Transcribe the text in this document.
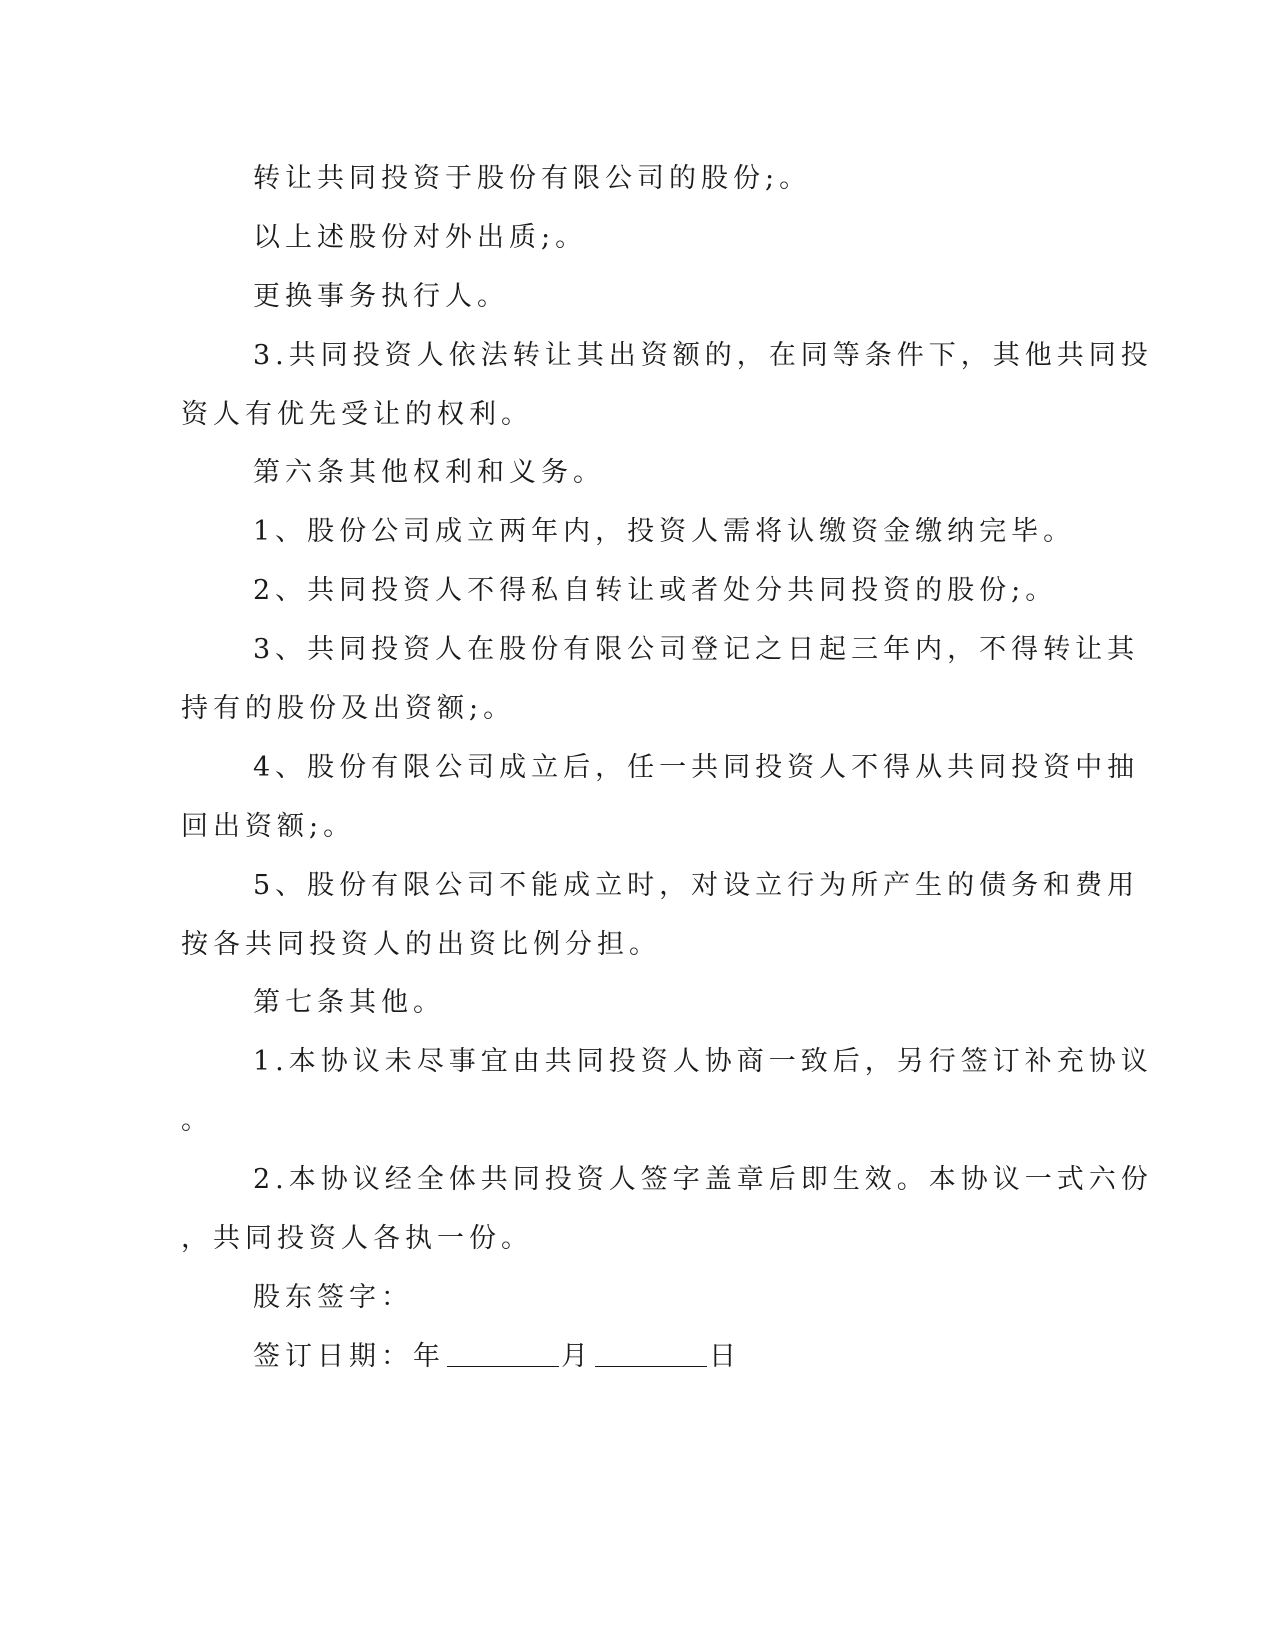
转让共同投资于股份有限公司的股份;。
以上述股份对外出质;。
更换事务执行人。
3.共同投资人依法转让其出资额的，在同等条件下，其他共同投
资人有优先受让的权利。
第六条其他权利和义务。
1、股份公司成立两年内，投资人需将认缴资金缴纳完毕。
2、共同投资人不得私自转让或者处分共同投资的股份;。
3、共同投资人在股份有限公司登记之日起三年内，不得转让其
持有的股份及出资额;。
4、股份有限公司成立后，任一共同投资人不得从共同投资中抽
回出资额;。
5、股份有限公司不能成立时，对设立行为所产生的债务和费用
按各共同投资人的出资比例分担。
第七条其他。
1.本协议未尽事宜由共同投资人协商一致后，另行签订补充协议
。
2.本协议经全体共同投资人签字盖章后即生效。本协议一式六份
，共同投资人各执一份。
股东签字：
签订日期：年	月	日
